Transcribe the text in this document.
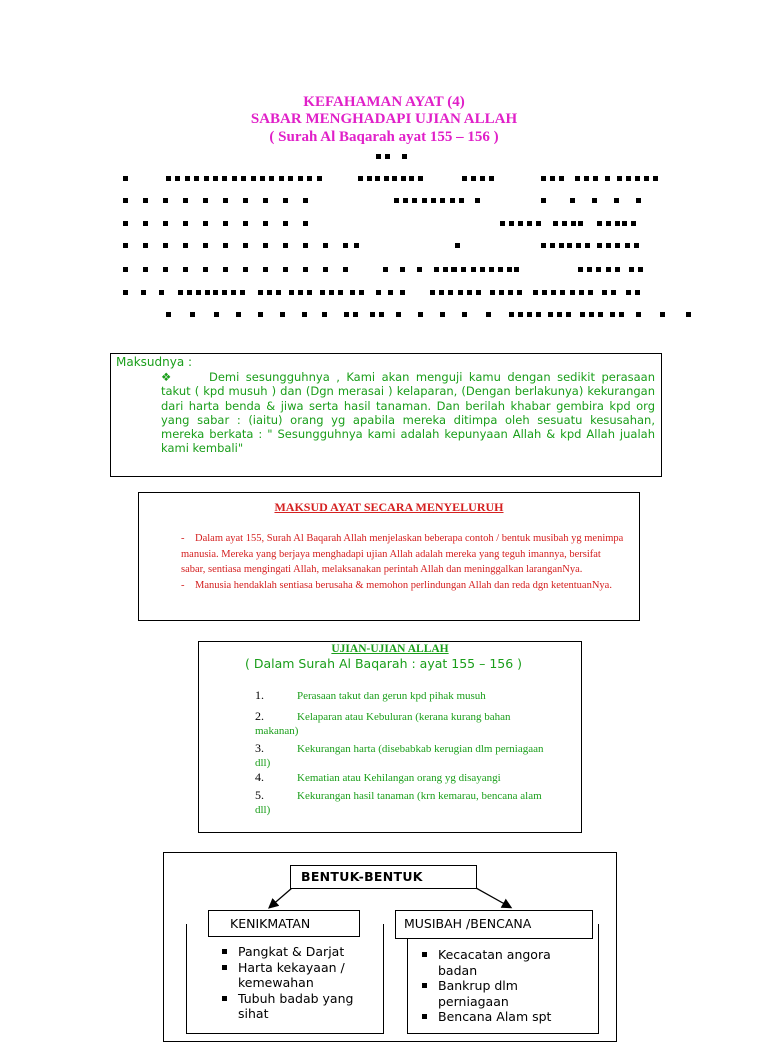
KEFAHAMAN AYAT (4)
SABAR MENGHADAPI UJIAN ALLAH
( Surah Al Baqarah ayat 155 – 156 )
Maksudnya :
❖	Demi sesungguhnya , Kami akan menguji kamu dengan sedikit perasaan takut ( kpd musuh ) dan (Dgn merasai ) kelaparan, (Dengan berlakunya) kekurangan dari harta benda & jiwa serta hasil tanaman. Dan berilah khabar gembira kpd org yang sabar : (iaitu) orang yg apabila mereka ditimpa oleh sesuatu kesusahan, mereka berkata : " Sesungguhnya kami adalah kepunyaan Allah & kpd Allah jualah kami kembali"
MAKSUD AYAT SECARA MENYELURUH
- Dalam ayat 155, Surah Al Baqarah Allah menjelaskan beberapa contoh / bentuk musibah yg menimpa manusia. Mereka yang berjaya menghadapi ujian Allah adalah mereka yang teguh imannya, bersifat sabar, sentiasa mengingati Allah, melaksanakan perintah Allah dan meninggalkan laranganNya.
- Manusia hendaklah sentiasa berusaha & memohon perlindungan Allah dan reda dgn ketentuanNya.
UJIAN-UJIAN ALLAH
( Dalam Surah Al Baqarah : ayat 155 – 156 )
1.	Perasaan takut dan gerun kpd pihak musuh
2.	Kelaparan atau Kebuluran (kerana kurang bahan makanan)
3.	Kekurangan harta (disebabkab kerugian dlm perniagaan dll)
4.	Kematian atau Kehilangan orang yg disayangi
5.	Kekurangan hasil tanaman (krn kemarau, bencana alam dll)
BENTUK-BENTUK
KENIKMATAN
Pangkat & Darjat
Harta kekayaan / kemewahan
Tubuh badab yang sihat
MUSIBAH /BENCANA
Kecacatan angora badan
Bankrup dlm perniagaan
Bencana Alam spt
